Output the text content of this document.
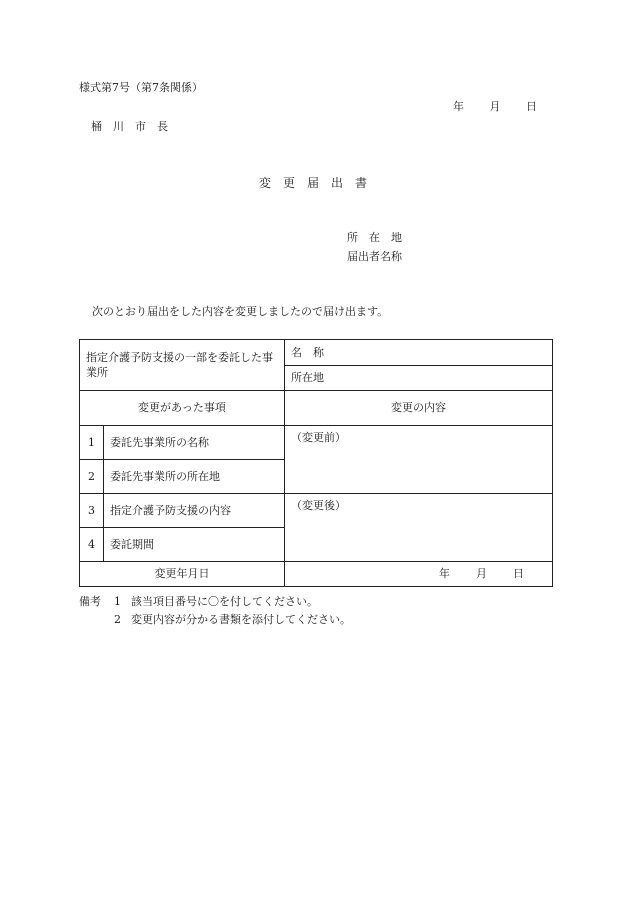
様式第7号（第7条関係）
年 月 日
桶　川　市　長
変　更　届　出　書
所　在　地
届出者名称
次のとおり届出をした内容を変更しましたので届け出ます。
指定介護予防支援の一部を委託した事業所		名　称
		所在地
変更があった事項		変更の内容
1	委託先事業所の名称	（変更前）
2	委託先事業所の所在地	
3	指定介護予防支援の内容	（変更後）
4	委託期間	
変更年月日		年 月 日
備考 1 該当項目番号に〇を付してください。
2 変更内容が分かる書類を添付してください。
